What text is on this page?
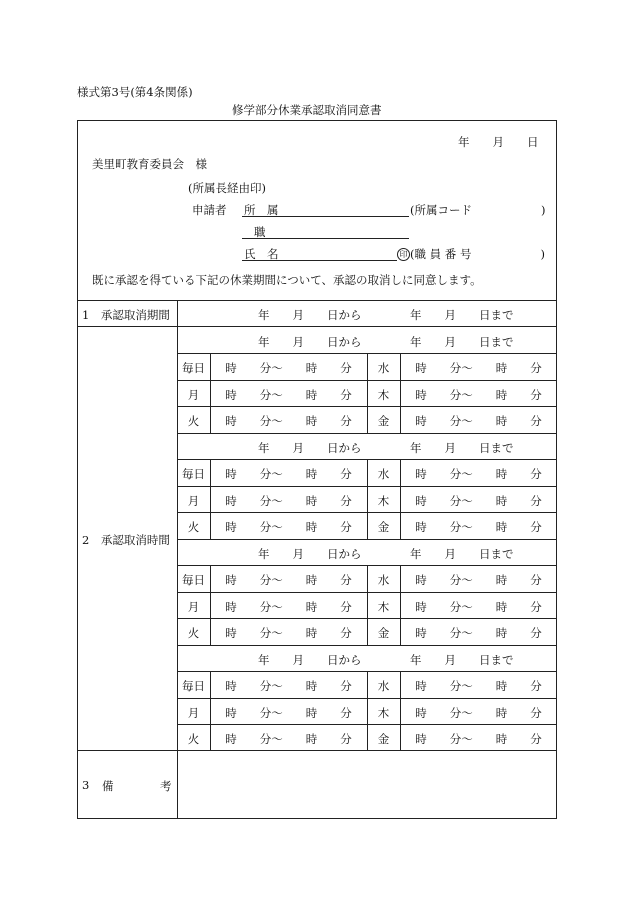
様式第3号(第4条関係)
修学部分休業承認取消同意書
年　　月　　日
美里町教育委員会　様
(所属長経由印)
申請者 所　属	(所属コード　　　　　　)
職
氏　名	印 (職 員 番 号　　　　　　)
既に承認を得ている下記の休業期間について、承認の取消しに同意します。
1　承認取消期間	年　　月　　日から	年　　月　　日まで
2　承認取消時間
年　　月　　日から	年　　月　　日まで
毎日	時　　分～　　時　　分	水	時　　分～　　時　　分
月	時　　分～　　時　　分	木	時　　分～　　時　　分
火	時　　分～　　時　　分	金	時　　分～　　時　　分
年　　月　　日から	年　　月　　日まで
毎日	時　　分～　　時　　分	水	時　　分～　　時　　分
月	時　　分～　　時　　分	木	時　　分～　　時　　分
火	時　　分～　　時　　分	金	時　　分～　　時　　分
年　　月　　日から	年　　月　　日まで
毎日	時　　分～　　時　　分	水	時　　分～　　時　　分
月	時　　分～　　時　　分	木	時　　分～　　時　　分
火	時　　分～　　時　　分	金	時　　分～　　時　　分
年　　月　　日から	年　　月　　日まで
毎日	時　　分～　　時　　分	水	時　　分～　　時　　分
月	時　　分～　　時　　分	木	時　　分～　　時　　分
火	時　　分～　　時　　分	金	時　　分～　　時　　分
3 備	考
